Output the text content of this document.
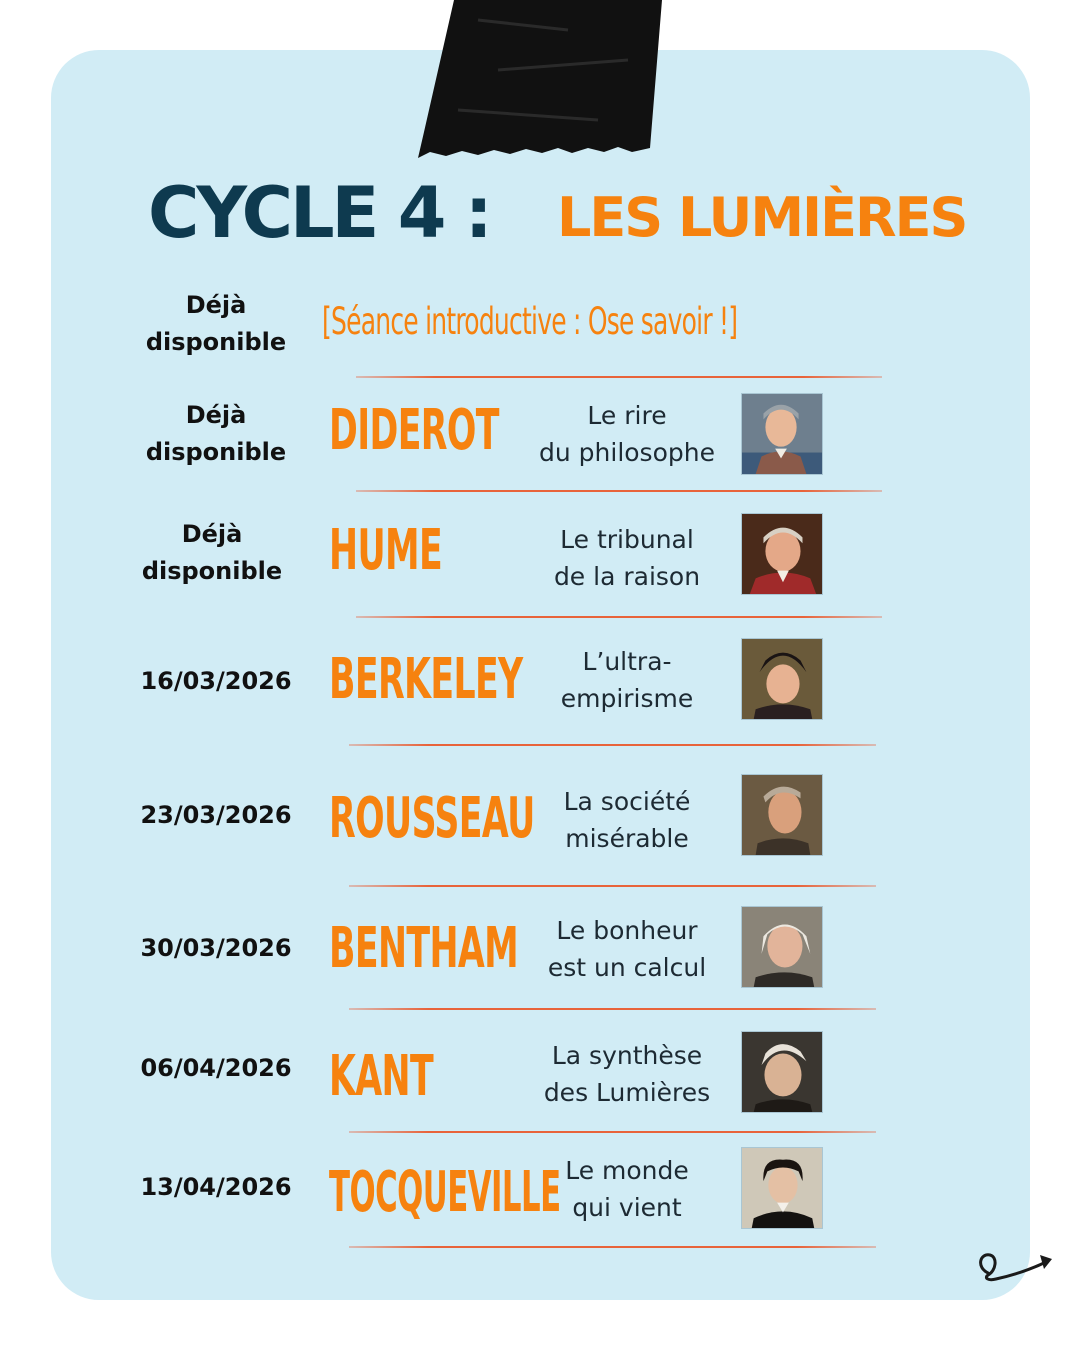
CYCLE 4 : LES LUMIÈRES
Déjà
disponible [Séance introductive : Ose savoir !]
Déjà
disponible DIDEROT	Le rire
du philosophe
Déjà
disponible HUME	Le tribunal
de la raison
16/03/2026 BERKELEY	L’ultra-
empirisme
23/03/2026 ROUSSEAU	La société
misérable
30/03/2026 BENTHAM	Le bonheur
est un calcul
06/04/2026 KANT	La synthèse
des Lumières
13/04/2026 TOCQUEVILLE Le monde
qui vient
